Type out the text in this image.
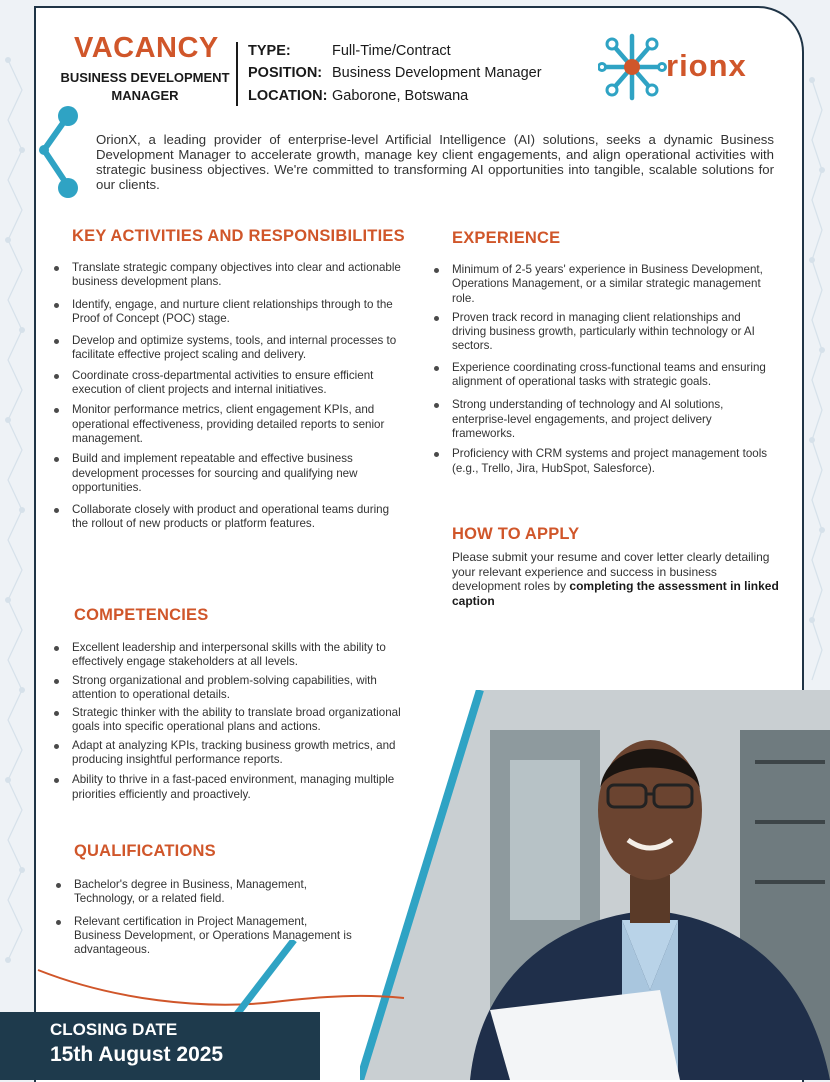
VACANCY
BUSINESS DEVELOPMENT
MANAGER
TYPE:	Full-Time/Contract
POSITION: Business Development Manager
LOCATION: Gaborone, Botswana
rionx
OrionX, a leading provider of enterprise-level Artificial Intelligence (AI) solutions, seeks a dynamic Business Development Manager to accelerate growth, manage key client engagements, and align operational activities with strategic business objectives. We're committed to transforming AI opportunities into tangible, scalable solutions for our clients.
KEY ACTIVITIES AND RESPONSIBILITIES
Translate strategic company objectives into clear and actionable business development plans.
Identify, engage, and nurture client relationships through to the Proof of Concept (POC) stage.
Develop and optimize systems, tools, and internal processes to facilitate effective project scaling and delivery.
Coordinate cross-departmental activities to ensure efficient execution of client projects and internal initiatives.
Monitor performance metrics, client engagement KPIs, and operational effectiveness, providing detailed reports to senior management.
Build and implement repeatable and effective business development processes for sourcing and qualifying new opportunities.
Collaborate closely with product and operational teams during the rollout of new products or platform features.
COMPETENCIES
Excellent leadership and interpersonal skills with the ability to effectively engage stakeholders at all levels.
Strong organizational and problem-solving capabilities, with attention to operational details.
Strategic thinker with the ability to translate broad organizational goals into specific operational plans and actions.
Adapt at analyzing KPIs, tracking business growth metrics, and producing insightful performance reports.
Ability to thrive in a fast-paced environment, managing multiple priorities efficiently and proactively.
QUALIFICATIONS
Bachelor's degree in Business, Management, Technology, or a related field.
Relevant certification in Project Management, Business Development, or Operations Management is advantageous.
EXPERIENCE
Minimum of 2-5 years' experience in Business Development, Operations Management, or a similar strategic management role.
Proven track record in managing client relationships and driving business growth, particularly within technology or AI sectors.
Experience coordinating cross-functional teams and ensuring alignment of operational tasks with strategic goals.
Strong understanding of technology and AI solutions, enterprise-level engagements, and project delivery frameworks.
Proficiency with CRM systems and project management tools (e.g., Trello, Jira, HubSpot, Salesforce).
HOW TO APPLY
Please submit your resume and cover letter clearly detailing your relevant experience and success in business development roles by completing the assessment in linked caption
CLOSING DATE
15th August 2025
